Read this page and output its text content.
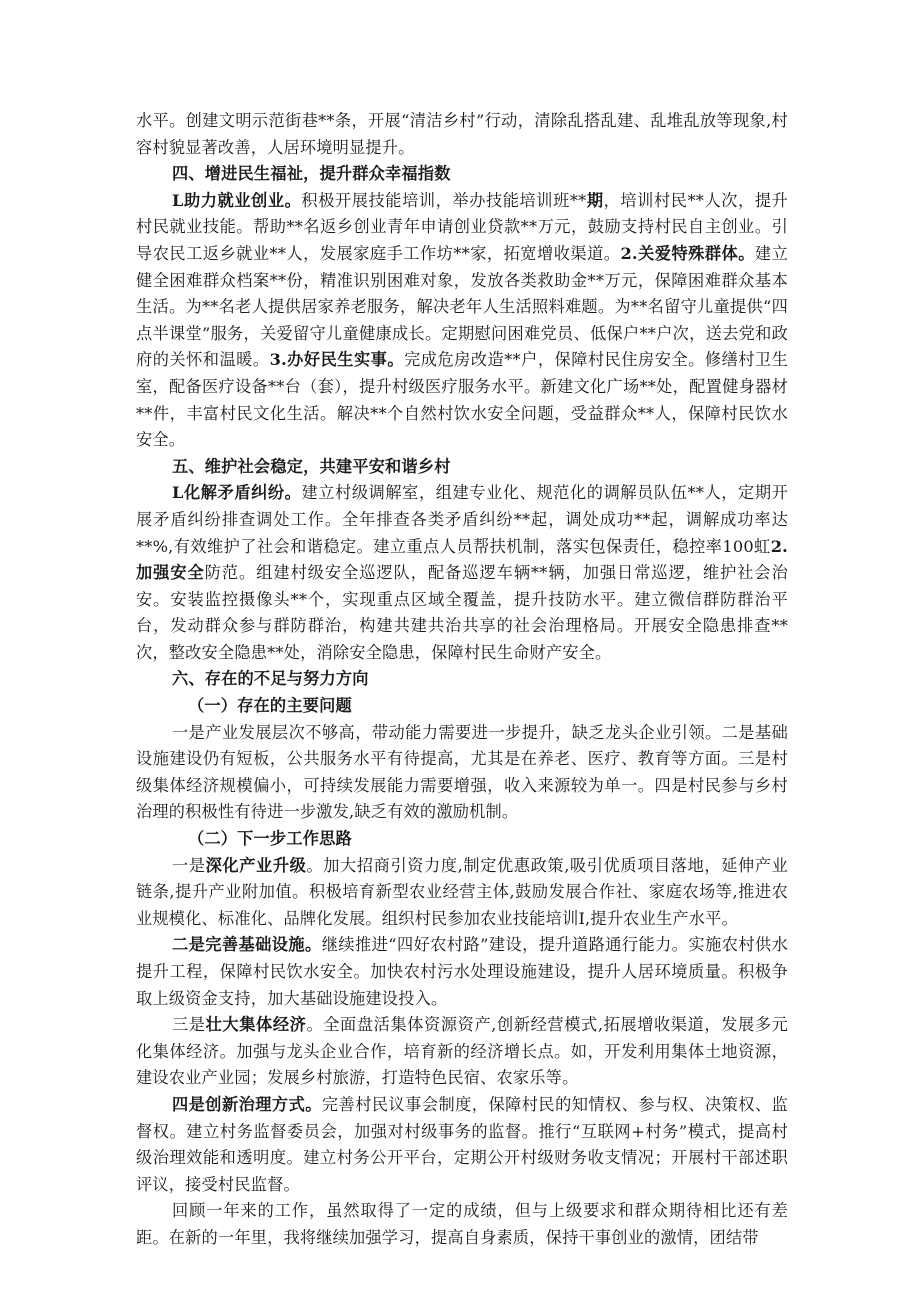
水平。创建文明示范街巷**条，开展“清洁乡村”行动，清除乱搭乱建、乱堆乱放等现象,村容村貌显著改善，人居环境明显提升。

四、增进民生福祉，提升群众幸福指数

L助力就业创业。积极开展技能培训，举办技能培训班**期，培训村民**人次，提升村民就业技能。帮助**名返乡创业青年申请创业贷款**万元，鼓励支持村民自主创业。引导农民工返乡就业**人，发展家庭手工作坊**家，拓宽增收渠道。2.关爱特殊群体。建立健全困难群众档案**份，精准识别困难对象，发放各类救助金**万元，保障困难群众基本生活。为**名老人提供居家养老服务，解决老年人生活照料难题。为**名留守儿童提供“四点半课堂”服务，关爱留守儿童健康成长。定期慰问困难党员、低保户**户次，送去党和政府的关怀和温暖。3.办好民生实事。完成危房改造**户，保障村民住房安全。修缮村卫生室，配备医疗设备**台（套），提升村级医疗服务水平。新建文化广场**处，配置健身器材**件，丰富村民文化生活。解决**个自然村饮水安全问题，受益群众**人，保障村民饮水安全。

五、维护社会稳定，共建平安和谐乡村

L化解矛盾纠纷。建立村级调解室，组建专业化、规范化的调解员队伍**人，定期开展矛盾纠纷排查调处工作。全年排查各类矛盾纠纷**起，调处成功**起，调解成功率达**%,有效维护了社会和谐稳定。建立重点人员帮扶机制，落实包保责任，稳控率100虹2.加强安全防范。组建村级安全巡逻队，配备巡逻车辆**辆，加强日常巡逻，维护社会治安。安装监控摄像头**个，实现重点区域全覆盖，提升技防水平。建立微信群防群治平台，发动群众参与群防群治，构建共建共治共享的社会治理格局。开展安全隐患排查**次，整改安全隐患**处，消除安全隐患，保障村民生命财产安全。

六、存在的不足与努力方向

（一）存在的主要问题

一是产业发展层次不够高，带动能力需要进一步提升，缺乏龙头企业引领。二是基础设施建设仍有短板，公共服务水平有待提高，尤其是在养老、医疗、教育等方面。三是村级集体经济规模偏小，可持续发展能力需要增强，收入来源较为单一。四是村民参与乡村治理的积极性有待进一步激发,缺乏有效的激励机制。

（二）下一步工作思路

一是深化产业升级。加大招商引资力度,制定优惠政策,吸引优质项目落地，延伸产业链条,提升产业附加值。积极培育新型农业经营主体,鼓励发展合作社、家庭农场等,推进农业规模化、标准化、品牌化发展。组织村民参加农业技能培训I,提升农业生产水平。

二是完善基础设施。继续推进“四好农村路”建设，提升道路通行能力。实施农村供水提升工程，保障村民饮水安全。加快农村污水处理设施建设，提升人居环境质量。积极争取上级资金支持，加大基础设施建设投入。

三是壮大集体经济。全面盘活集体资源资产,创新经营模式,拓展增收渠道，发展多元化集体经济。加强与龙头企业合作，培育新的经济增长点。如，开发利用集体土地资源，建设农业产业园；发展乡村旅游，打造特色民宿、农家乐等。

四是创新治理方式。完善村民议事会制度，保障村民的知情权、参与权、决策权、监督权。建立村务监督委员会，加强对村级事务的监督。推行“互联网+村务”模式，提高村级治理效能和透明度。建立村务公开平台，定期公开村级财务收支情况；开展村干部述职评议，接受村民监督。

回顾一年来的工作，虽然取得了一定的成绩，但与上级要求和群众期待相比还有差距。在新的一年里，我将继续加强学习，提高自身素质，保持干事创业的激情，团结带
